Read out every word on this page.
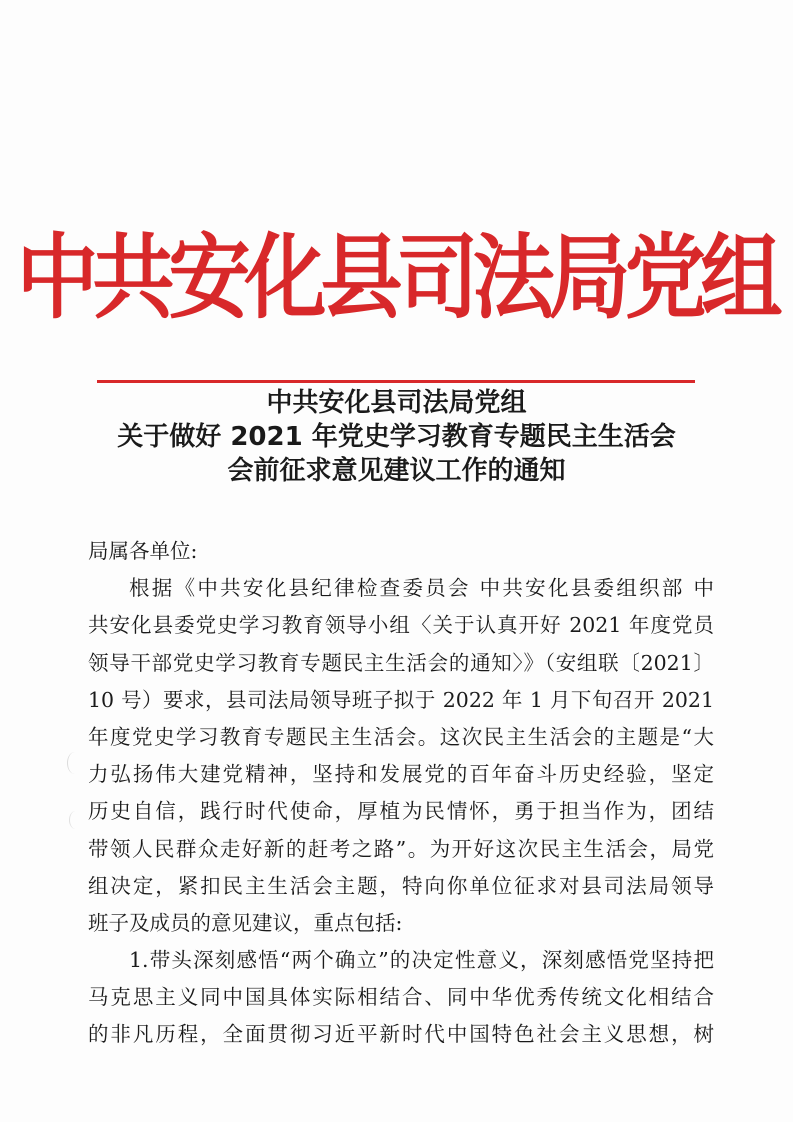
中共安化县司法局党组
中共安化县司法局党组
关于做好 2021 年党史学习教育专题民主生活会
会前征求意见建议工作的通知
局属各单位:
根据《中共安化县纪律检查委员会 中共安化县委组织部 中
共安化县委党史学习教育领导小组〈关于认真开好 2021 年度党员
领导干部党史学习教育专题民主生活会的通知〉》（安组联〔2021〕
10 号）要求，县司法局领导班子拟于 2022 年 1 月下旬召开 2021
年度党史学习教育专题民主生活会。这次民主生活会的主题是“大
力弘扬伟大建党精神，坚持和发展党的百年奋斗历史经验，坚定
历史自信，践行时代使命，厚植为民情怀，勇于担当作为，团结
带领人民群众走好新的赶考之路”。为开好这次民主生活会，局党
组决定，紧扣民主生活会主题，特向你单位征求对县司法局领导
班子及成员的意见建议，重点包括:
1.带头深刻感悟“两个确立”的决定性意义，深刻感悟党坚持把
马克思主义同中国具体实际相结合、同中华优秀传统文化相结合
的非凡历程，全面贯彻习近平新时代中国特色社会主义思想，树
